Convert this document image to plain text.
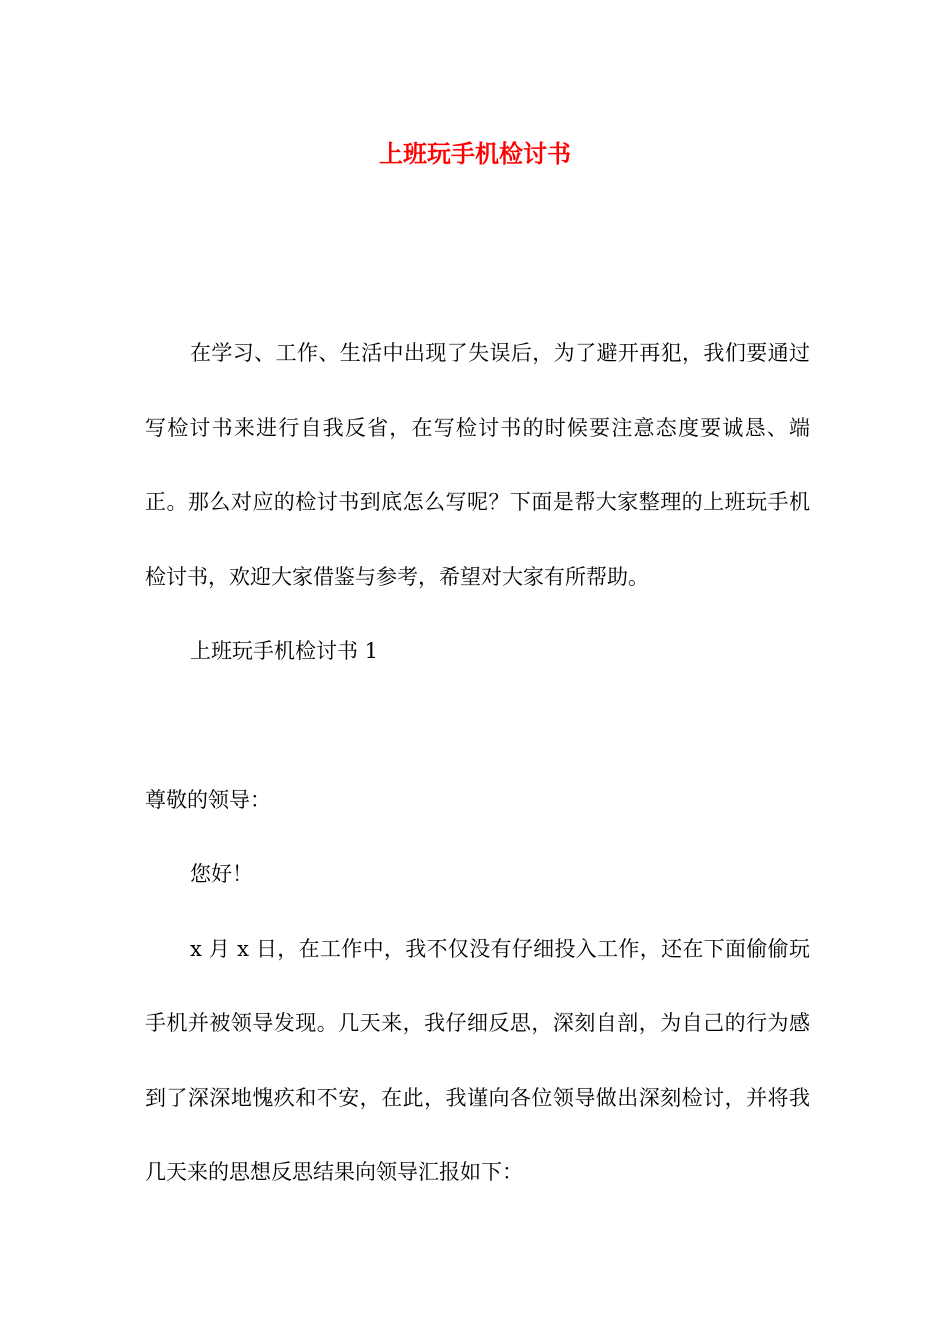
上班玩手机检讨书

在学习、工作、生活中出现了失误后，为了避开再犯，我们要通过写检讨书来进行自我反省，在写检讨书的时候要注意态度要诚恳、端正。那么对应的检讨书到底怎么写呢？下面是帮大家整理的上班玩手机检讨书，欢迎大家借鉴与参考，希望对大家有所帮助。

上班玩手机检讨书 1

尊敬的领导：

您好！

x 月 x 日，在工作中，我不仅没有仔细投入工作，还在下面偷偷玩手机并被领导发现。几天来，我仔细反思，深刻自剖，为自己的行为感到了深深地愧疚和不安，在此，我谨向各位领导做出深刻检讨，并将我几天来的思想反思结果向领导汇报如下：
